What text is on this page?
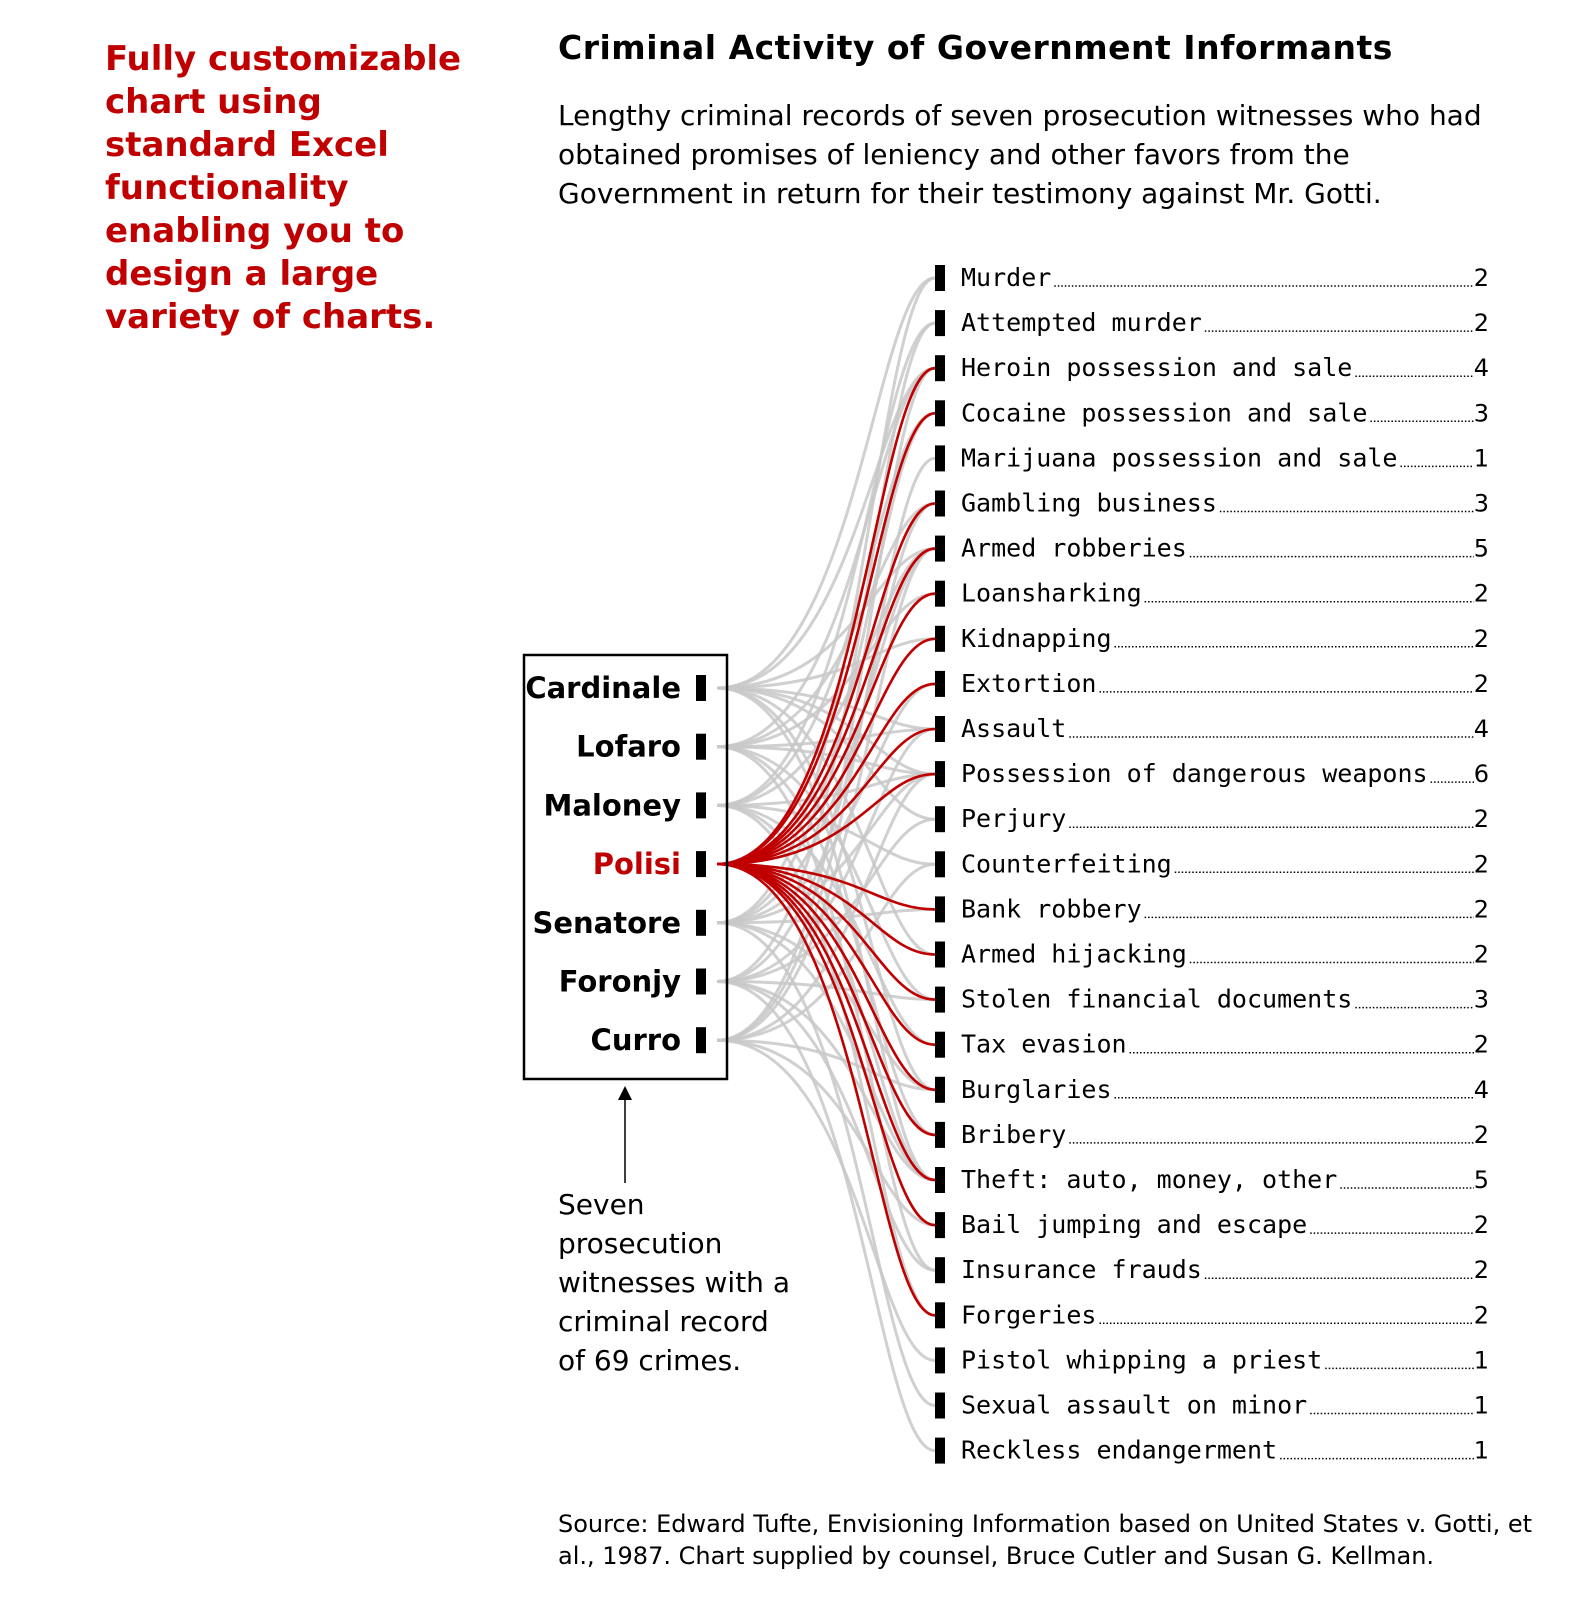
Fully customizable chart using standard Excel functionality enabling you to design a large variety of charts.
Criminal Activity of Government Informants
Lengthy criminal records of seven prosecution witnesses who had obtained promises of leniency and other favors from the Government in return for their testimony against Mr. Gotti.
Cardinale
Lofaro
Maloney
Polisi
Senatore
Foronjy
Curro
Murder	2
Attempted murder	2
Heroin possession and sale	4
Cocaine possession and sale	3
Marijuana possession and sale	1
Gambling business	3
Armed robberies	5
Loansharking	2
Kidnapping	2
Extortion	2
Assault	4
Possession of dangerous weapons 6
Perjury	2
Counterfeiting	2
Bank robbery	2
Armed hijacking	2
Stolen financial documents	3
Tax evasion	2
Burglaries	4
Bribery	2
Theft: auto, money, other	5
Bail jumping and escape	2
Insurance frauds	2
Forgeries	2
Pistol whipping a priest	1
Sexual assault on minor	1
Reckless endangerment	1
Seven prosecution witnesses with a criminal record of 69 crimes.
Source: Edward Tufte, Envisioning Information based on United States v. Gotti, et al., 1987. Chart supplied by counsel, Bruce Cutler and Susan G. Kellman.
